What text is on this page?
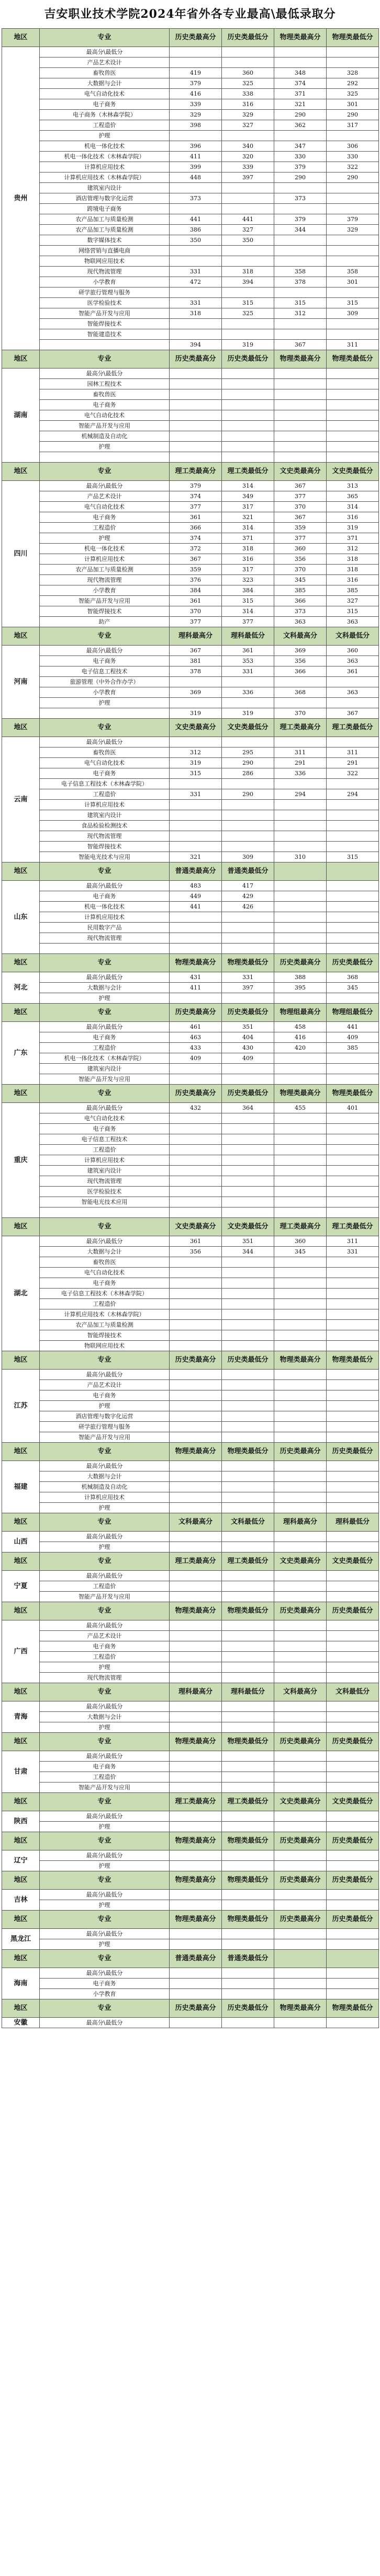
吉安职业技术学院2024年省外各专业最高\最低录取分
地区	专业	历史类最高分	历史类最低分	物理类最高分	物理类最低分
贵州	最高分\最低分				
	产品艺术设计				
	畜牧兽医	419	360	348	328
	大数据与会计	379	325	374	292
	电气自动化技术	416	338	371	325
	电子商务	339	316	321	301
	电子商务（木林森学院）	329	329	290	290
	工程造价	398	327	362	317
	护理				
	机电一体化技术	396	340	347	306
	机电一体化技术（木林森学院）	411	320	330	330
	计算机应用技术	399	339	379	322
	计算机应用技术（木林森学院）	448	397	290	290
	建筑室内设计				
	酒店管理与数字化运营	373		373	
	跨境电子商务				
	农产品加工与质量检测	441	441	379	379
	农产品加工与质量检测	386	327	344	329
	数字媒体技术	350	350		
	网络营销与直播电商				
	物联网应用技术				
	现代物流管理	331	318	358	358
	小学教育	472	394	378	301
	研学旅行管理与服务				
	医学检验技术	331	315	315	315
	智能产品开发与应用	318	325	312	309
	智能焊接技术				
	智能建造技术				
		394	319	367	311
地区	专业	历史类最高分	历史类最低分	物理类最高分	物理类最低分
湖南	最高分\最低分				
	园林工程技术				
	畜牧兽医				
	电子商务				
	电气自动化技术				
	智能产品开发与应用				
	机械制造及自动化				
	护理				

地区	专业	理工类最高分	理工类最低分	文史类最高分	文史类最低分
四川	最高分\最低分	379	314	367	313
	产品艺术设计	374	349	377	365
	电气自动化技术	377	317	370	314
	电子商务	361	321	367	316
	工程造价	366	314	359	319
	护理	374	371	377	371
	机电一体化技术	372	318	360	312
	计算机应用技术	367	316	356	318
	农产品加工与质量检测	359	317	370	318
	现代物流管理	376	323	345	316
	小学教育	384	384	385	385
	智能产品开发与应用	361	315	366	327
	智能焊接技术	370	314	373	315
	助产	377	377	363	363
地区	专业	理科最高分	理科最低分	文科最高分	文科最低分
河南	最高分\最低分	367	361	369	360
	电子商务	381	353	356	363
	电子信息工程技术	378	331	366	361
	旅游管理（中外合作办学）				
	小学教育	369	336	368	363
	护理				
		319	319	370	367
地区	专业	文史类最高分	文史类最低分	理工类最高分	理工类最低分
云南	最高分\最低分				
	畜牧兽医	312	295	311	311
	电气自动化技术	319	290	291	291
	电子商务	315	286	336	322
	电子信息工程技术（木林森学院）				
	工程造价	331	290	294	294
	计算机应用技术				
	建筑室内设计				
	食品检验检测技术				
	现代物流管理				
	智能焊接技术				
	智能电光技术与应用	321	309	310	315
地区	专业	普通类最高分	普通类最低分		
山东	最高分\最低分	483	417		
	电子商务	449	429		
	机电一体化技术	441	426		
	计算机应用技术				
	民用数字产品				
	现代物流管理				

地区	专业	物理类最高分	物理类最低分	历史类最高分	历史类最低分
河北	最高分\最低分	431	331	388	368
	大数据与会计	411	397	395	345
	护理				
地区	专业	历史类最高分	历史类最低分	物理组最高分	物理组最低分
广东	最高分\最低分	461	351	458	441
	电子商务	463	404	416	409
	工程造价	433	430	420	385
	机电一体化技术（木林森学院）	409	409		
	建筑室内设计				
	智能产品开发与应用				
地区	专业	历史类最高分	历史类最低分	物理类最高分	物理类最低分
重庆	最高分\最低分	432	364	455	401
	电气自动化技术				
	电子商务				
	电子信息工程技术				
	工程造价				
	计算机应用技术				
	建筑室内设计				
	现代物流管理				
	医学检验技术				
	智能电光技术应用				

地区	专业	文史类最高分	文史类最低分	理工类最高分	理工类最低分
湖北	最高分\最低分	361	351	360	311
	大数据与会计	356	344	345	331
	畜牧兽医				
	电气自动化技术				
	电子商务				
	电子信息工程技术（木林森学院）				
	工程造价				
	计算机应用技术（木林森学院）				
	农产品加工与质量检测				
	智能焊接技术				
	物联网应用技术				
地区	专业	历史类最高分	历史类最低分	物理类最高分	物理类最低分
江苏	最高分\最低分				
	产品艺术设计				
	电子商务				
	护理				
	酒店管理与数字化运营				
	研学旅行管理与服务				
	智能产品开发与应用				
地区	专业	物理类最高分	物理类最低分	历史类最高分	历史类最低分
福建	最高分\最低分				
	大数据与会计				
	机械制造及自动化				
	计算机应用技术				
	护理				
地区	专业	文科最高分	文科最低分	理科最高分	理科最低分
山西	最高分\最低分				
	护理				
地区	专业	理工类最高分	理工类最低分	文史类最高分	文史类最低分
宁夏	最高分\最低分				
	工程造价				
	智能产品开发与应用				
地区	专业	物理类最高分	物理类最低分	历史类最高分	历史类最低分
广西	最高分\最低分				
	产品艺术设计				
	电子商务				
	工程造价				
	护理				
	现代物流管理				
地区	专业	理科最高分	理科最低分	文科最高分	文科最低分
青海	最高分\最低分				
	大数据与会计				
	护理				
地区	专业	物理类最高分	物理类最低分	历史类最高分	历史类最低分
甘肃	最高分\最低分				
	电子商务				
	工程造价				
	智能产品开发与应用				
地区	专业	理工类最高分	理工类最低分	文史类最高分	文史类最低分
陕西	最高分\最低分				
	护理				
地区	专业	物理类最高分	物理类最低分	历史类最高分	历史类最低分
辽宁	最高分\最低分				
	护理				
地区	专业	物理类最高分	物理类最低分	历史类最高分	历史类最低分
吉林	最高分\最低分				
	护理				
地区	专业	物理类最高分	物理类最低分	历史类最高分	历史类最低分
黑龙江	最高分\最低分				
	护理				
地区	专业	普通类最高分	普通类最低分		
海南	最高分\最低分				
	电子商务				
	小学教育				
地区	专业	历史类最高分	历史类最低分	物理类最高分	物理类最低分
安徽	最高分\最低分				
